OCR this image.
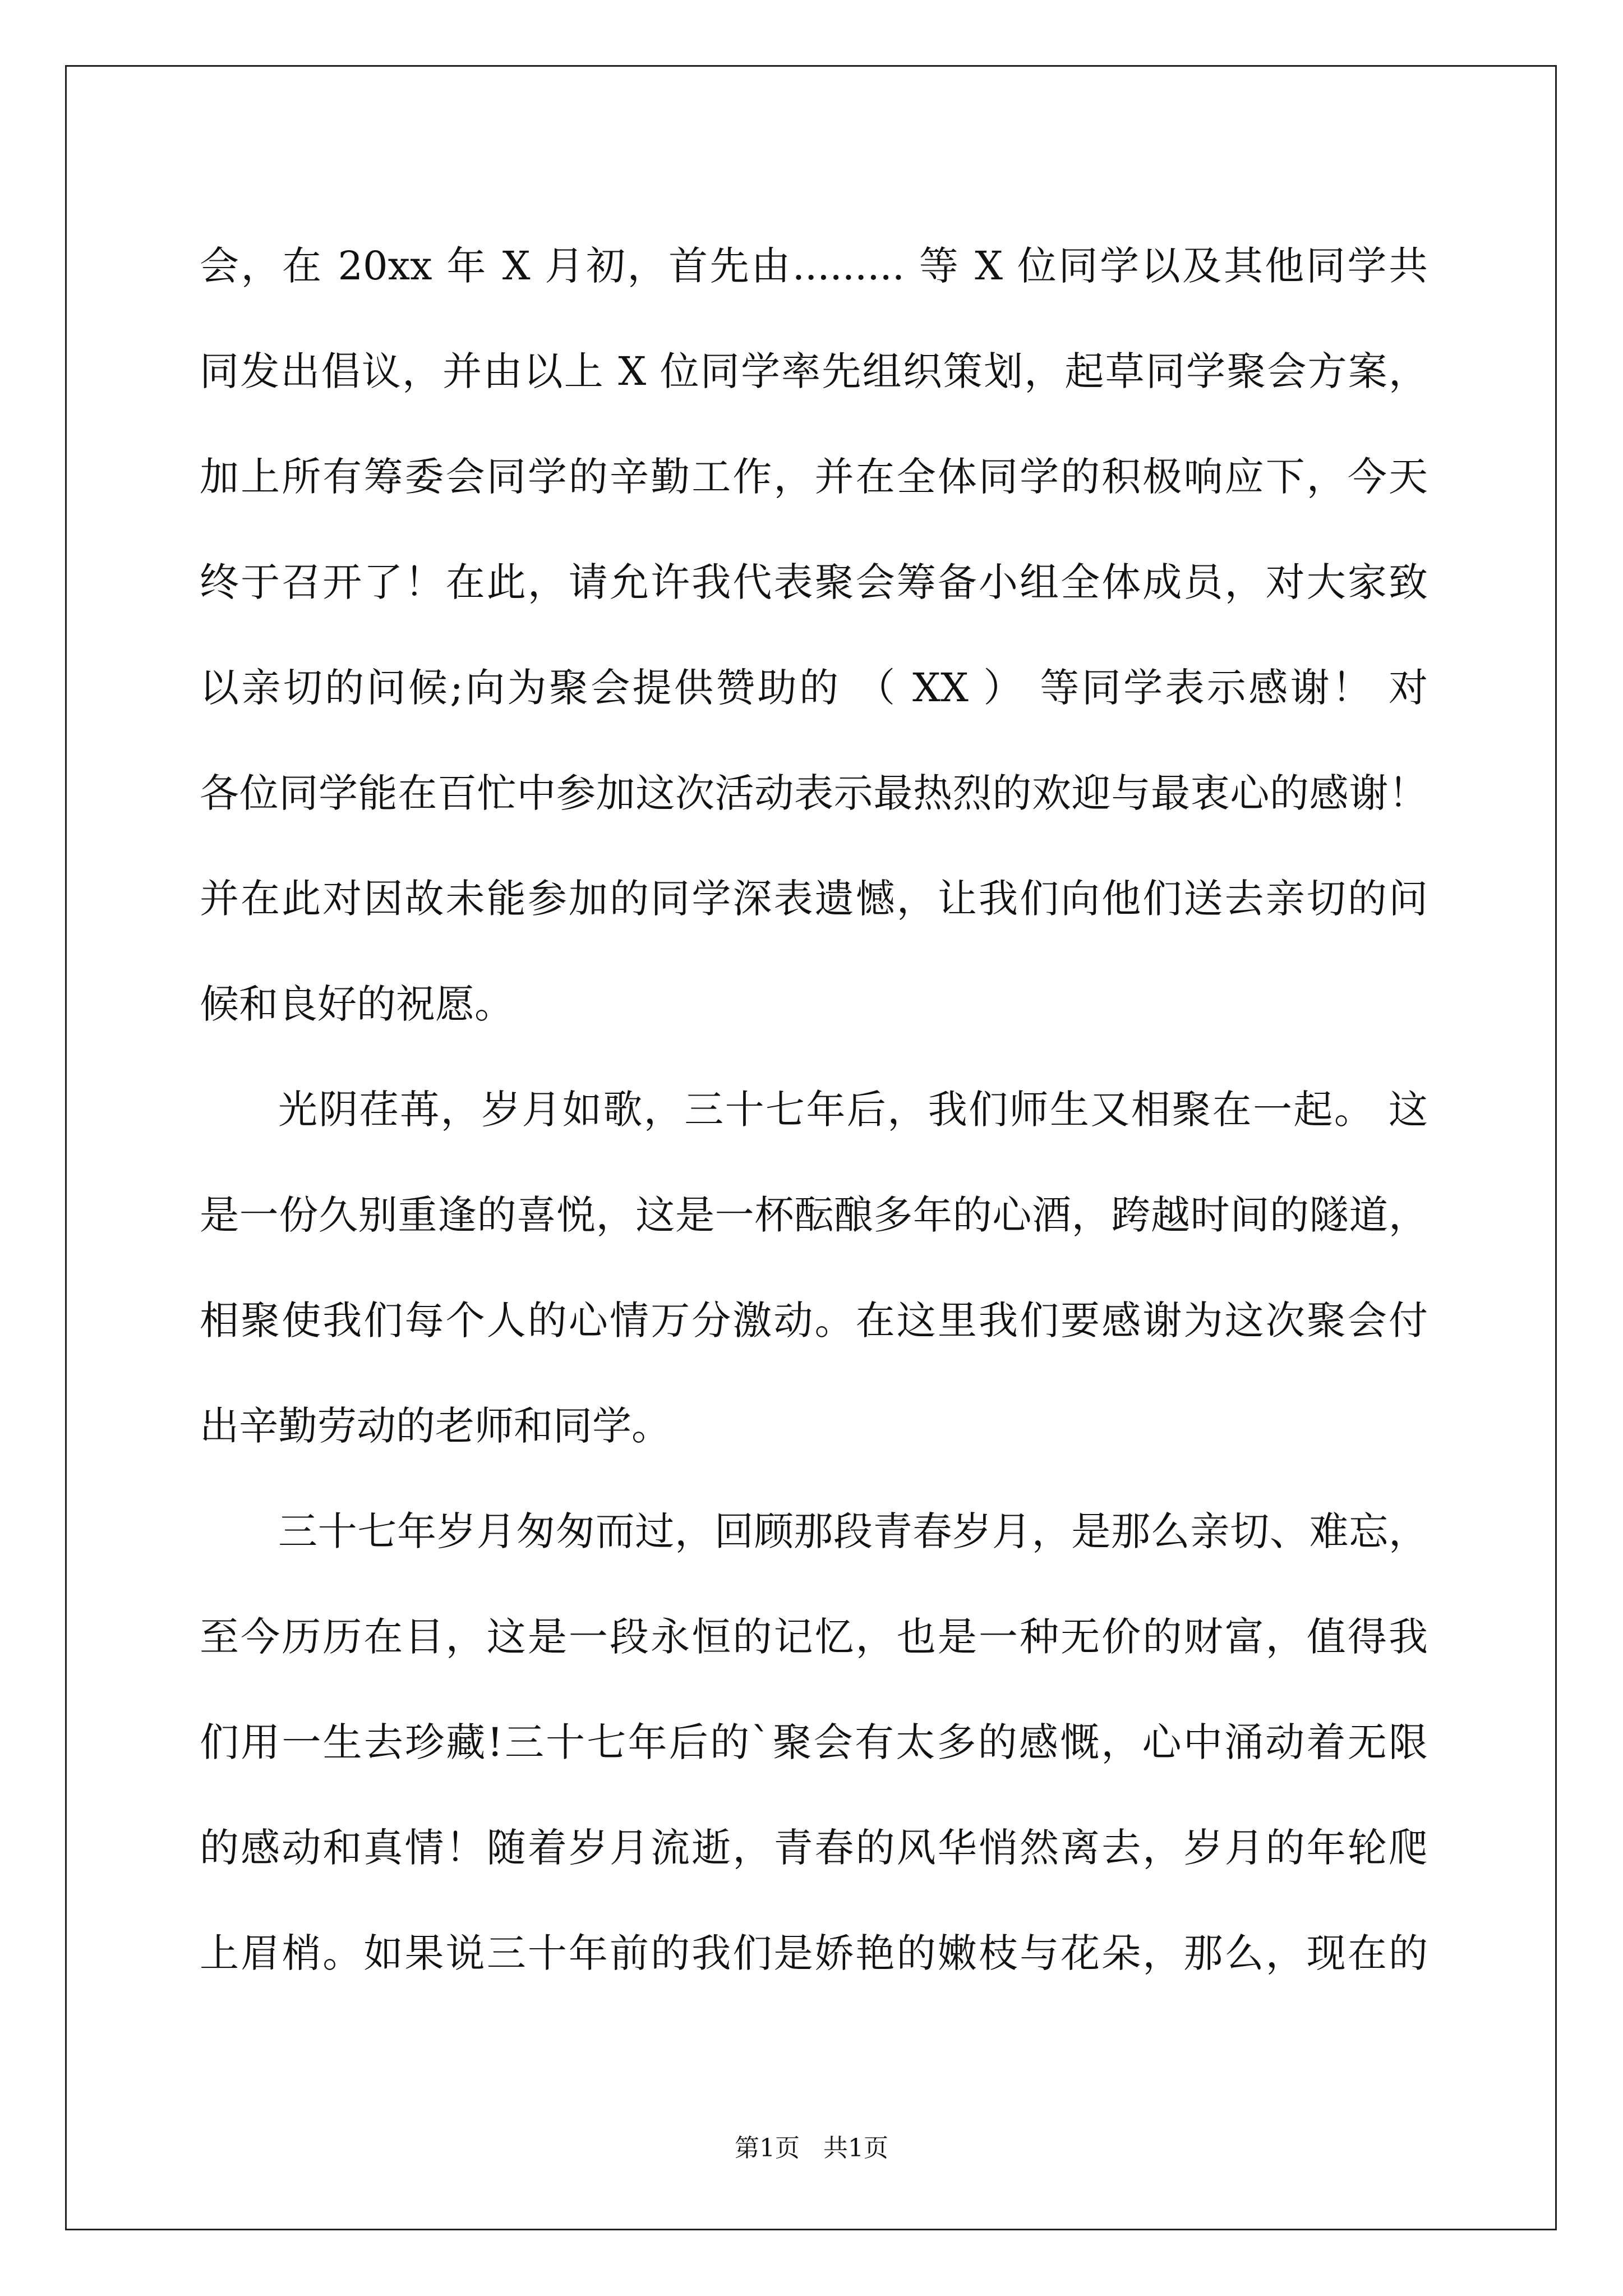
会，在 20xx 年 X 月初，首先由......... 等 X 位同学以及其他同学共
同发出倡议，并由以上 X 位同学率先组织策划，起草同学聚会方案，
加上所有筹委会同学的辛勤工作，并在全体同学的积极响应下，今天
终于召开了！在此，请允许我代表聚会筹备小组全体成员，对大家致
以亲切的问候;向为聚会提供赞助的 （ XX ） 等同学表示感谢！ 对
各位同学能在百忙中参加这次活动表示最热烈的欢迎与最衷心的感谢！
并在此对因故未能参加的同学深表遗憾，让我们向他们送去亲切的问
候和良好的祝愿。
光阴荏苒，岁月如歌，三十七年后，我们师生又相聚在一起。 这
是一份久别重逢的喜悦，这是一杯酝酿多年的心酒，跨越时间的隧道，
相聚使我们每个人的心情万分激动。在这里我们要感谢为这次聚会付
出辛勤劳动的老师和同学。
三十七年岁月匆匆而过，回顾那段青春岁月，是那么亲切、难忘，
至今历历在目，这是一段永恒的记忆，也是一种无价的财富，值得我
们用一生去珍藏!三十七年后的`聚会有太多的感慨，心中涌动着无限
的感动和真情！随着岁月流逝，青春的风华悄然离去，岁月的年轮爬
上眉梢。如果说三十年前的我们是娇艳的嫩枝与花朵，那么，现在的
第1页   共1页
